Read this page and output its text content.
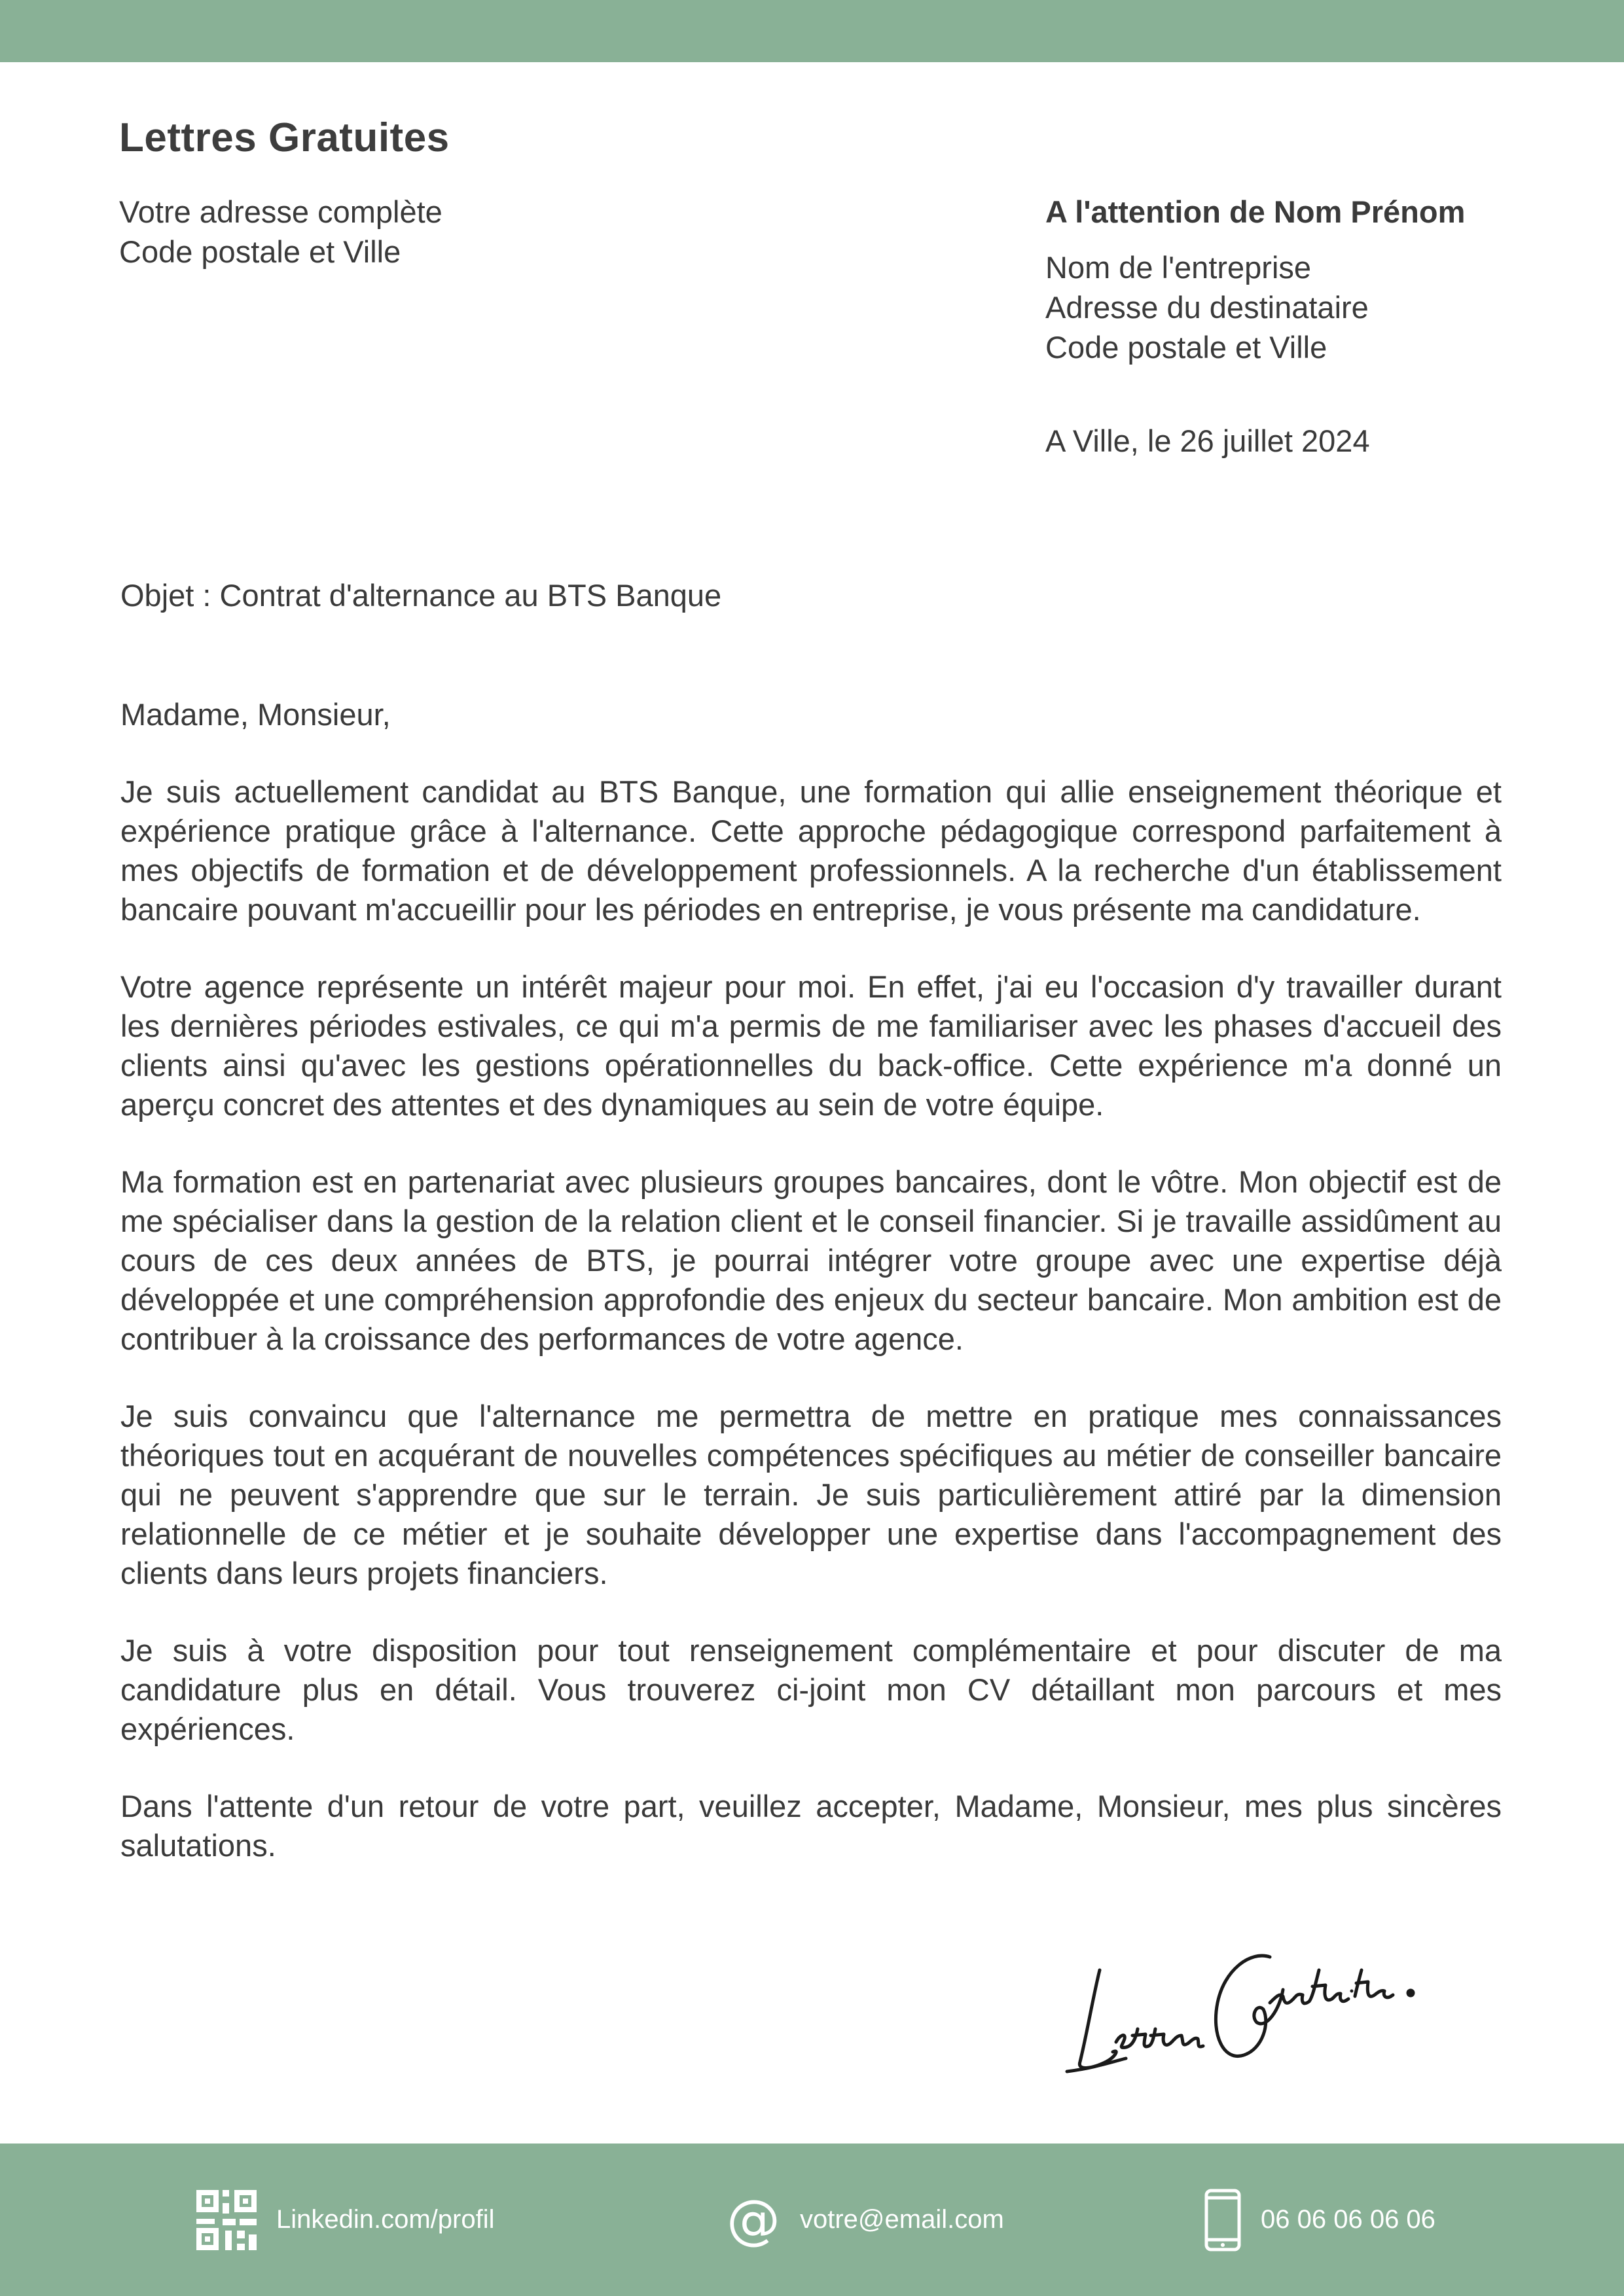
Lettres Gratuites
Votre adresse complète
Code postale et Ville
A l'attention de Nom Prénom
Nom de l'entreprise
Adresse du destinataire
Code postale et Ville
A Ville, le 26 juillet 2024
Objet : Contrat d'alternance au BTS Banque

Madame, Monsieur,

Je suis actuellement candidat au BTS Banque, une formation qui allie enseignement théorique et expérience pratique grâce à l'alternance. Cette approche pédagogique correspond parfaitement à mes objectifs de formation et de développement professionnels. A la recherche d'un établissement bancaire pouvant m'accueillir pour les périodes en entreprise, je vous présente ma candidature.

Votre agence représente un intérêt majeur pour moi. En effet, j'ai eu l'occasion d'y travailler durant les dernières périodes estivales, ce qui m'a permis de me familiariser avec les phases d'accueil des clients ainsi qu'avec les gestions opérationnelles du back-office. Cette expérience m'a donné un aperçu concret des attentes et des dynamiques au sein de votre équipe.

Ma formation est en partenariat avec plusieurs groupes bancaires, dont le vôtre. Mon objectif est de me spécialiser dans la gestion de la relation client et le conseil financier. Si je travaille assidûment au cours de ces deux années de BTS, je pourrai intégrer votre groupe avec une expertise déjà développée et une compréhension approfondie des enjeux du secteur bancaire. Mon ambition est de contribuer à la croissance des performances de votre agence.

Je suis convaincu que l'alternance me permettra de mettre en pratique mes connaissances théoriques tout en acquérant de nouvelles compétences spécifiques au métier de conseiller bancaire qui ne peuvent s'apprendre que sur le terrain. Je suis particulièrement attiré par la dimension relationnelle de ce métier et je souhaite développer une expertise dans l'accompagnement des clients dans leurs projets financiers.

Je suis à votre disposition pour tout renseignement complémentaire et pour discuter de ma candidature plus en détail. Vous trouverez ci-joint mon CV détaillant mon parcours et mes expériences.

Dans l'attente d'un retour de votre part, veuillez accepter, Madame, Monsieur, mes plus sincères salutations.

Linkedin.com/profil	@ votre@email.com	06 06 06 06 06
